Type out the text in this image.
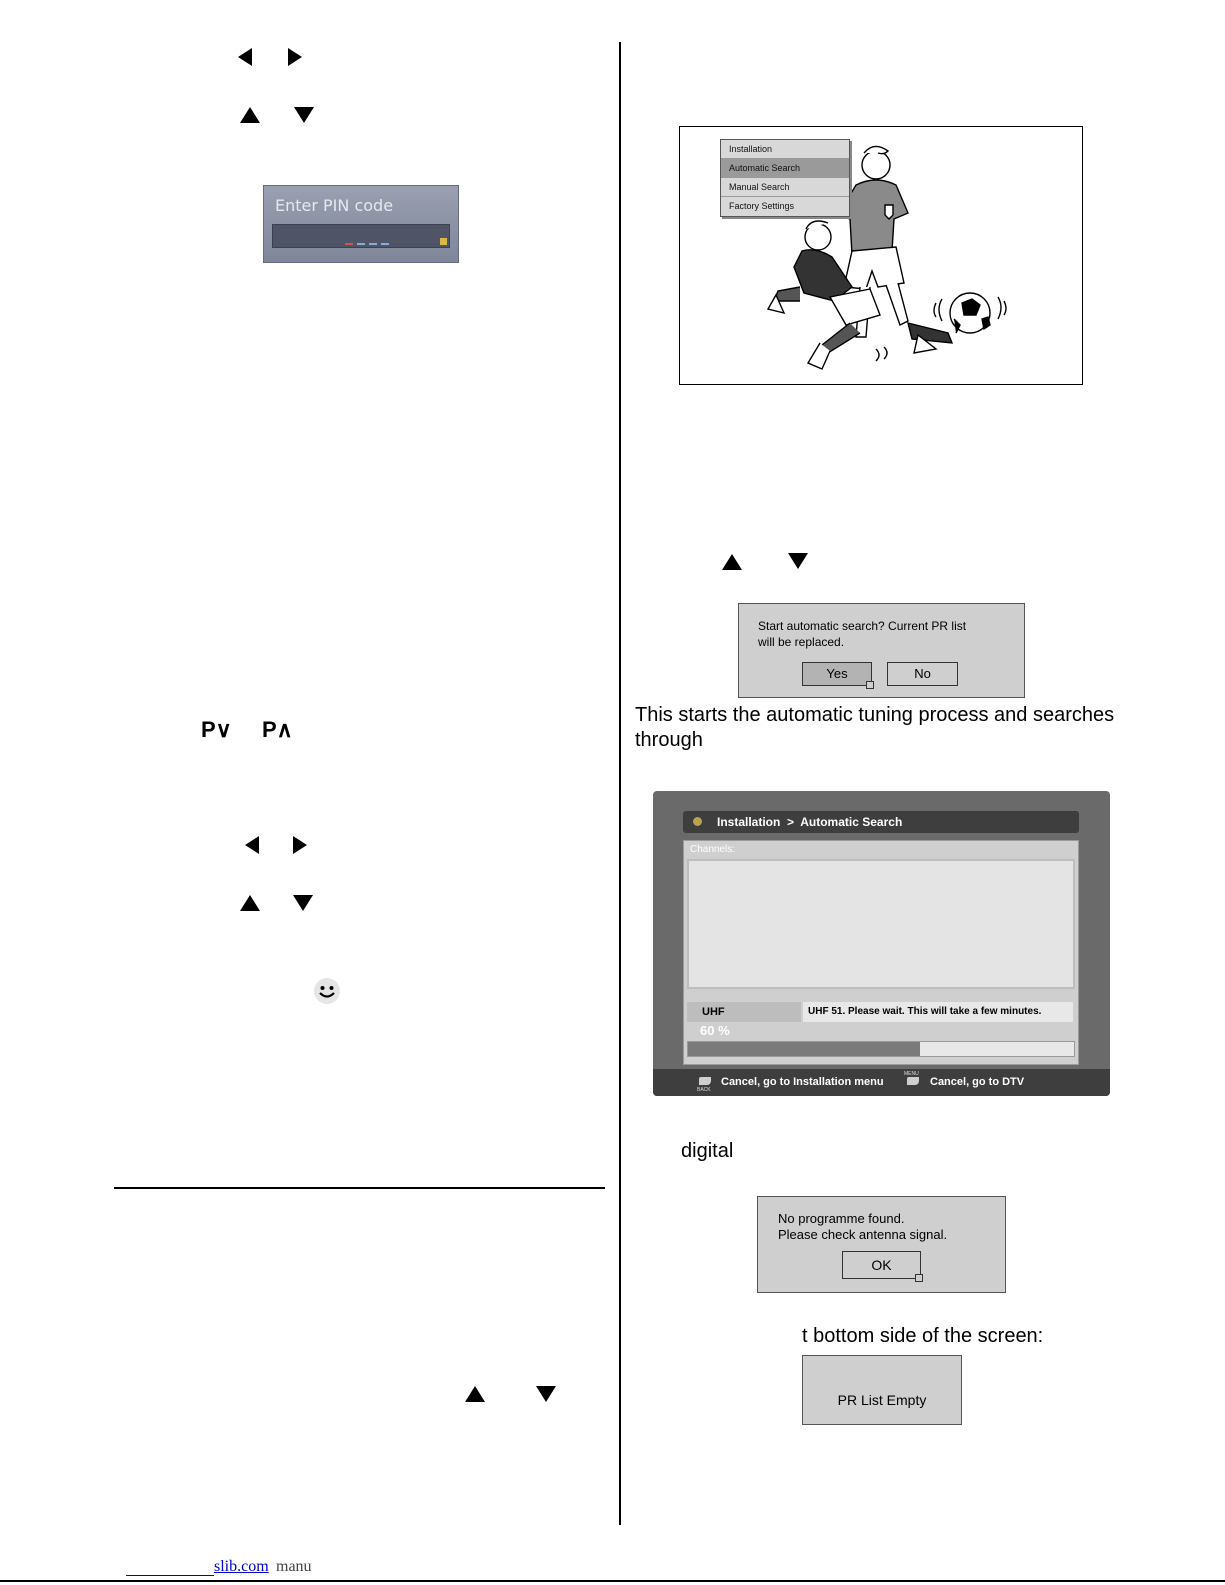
Enter PIN code
P∨ P∧
Installation
Automatic Search
Manual Search
Factory Settings
Start automatic search? Current PR list
will be replaced.
Yes	No
This starts the automatic tuning process and searches
through
Installation  >  Automatic Search
Channels:
UHF	UHF 51. Please wait. This will take a few minutes.
60 %
BACK
Cancel, go to Installation menu
MENU
Cancel, go to DTV
digital
No programme found.
Please check antenna signal.
OK
t bottom side of the screen:
PR List Empty
slib.com manu
